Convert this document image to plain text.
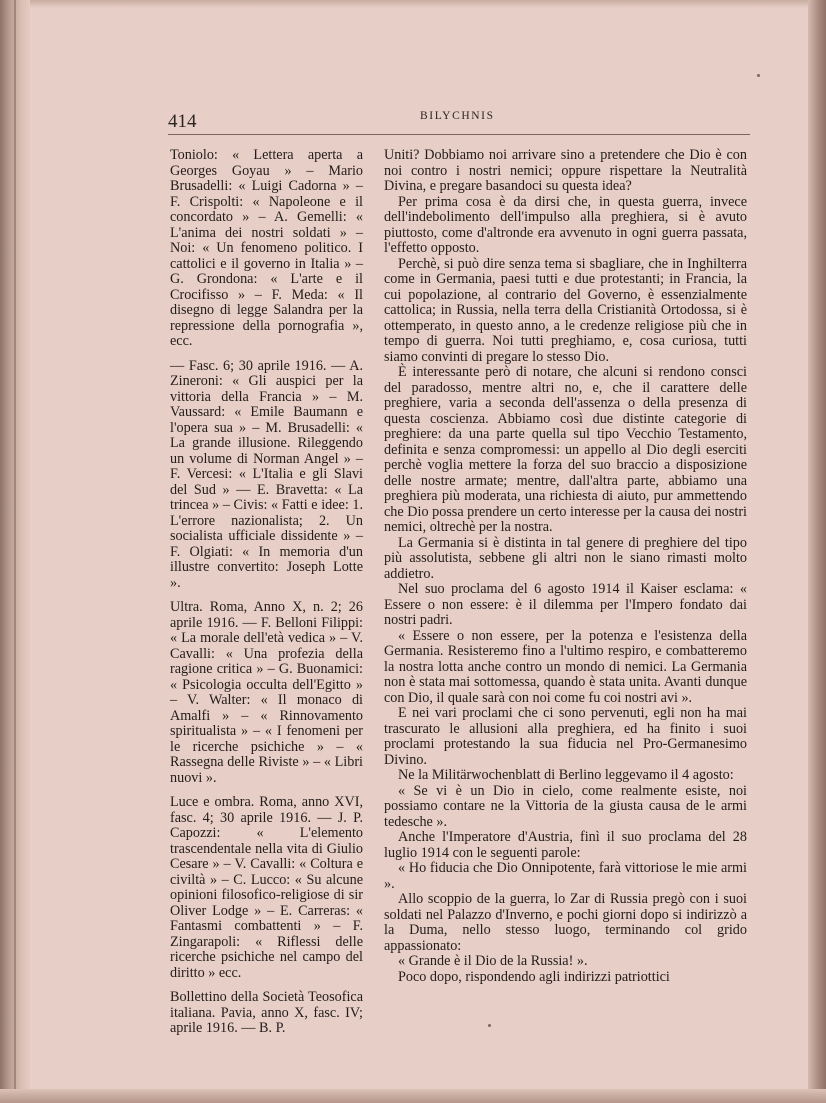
414	BILYCHNIS

Toniolo: « Lettera aperta a Georges Goyau » – Mario Brusadelli: « Luigi Cadorna » – F. Crispolti: « Napoleone e il concordato » – A. Gemelli: « L'anima dei nostri soldati » – Noi: « Un fenomeno politico. I cattolici e il governo in Italia » – G. Grondona: « L'arte e il Crocifisso » – F. Meda: « Il disegno di legge Salandra per la repressione della pornografia », ecc.

— Fasc. 6; 30 aprile 1916. — A. Zineroni: « Gli auspici per la vittoria della Francia » – M. Vaussard: « Emile Baumann e l'opera sua » – M. Brusadelli: « La grande illusione. Rileggendo un volume di Norman Angel » – F. Vercesi: « L'Italia e gli Slavi del Sud » — E. Bravetta: « La trincea » – Civis: « Fatti e idee: 1. L'errore nazionalista; 2. Un socialista ufficiale dissidente » – F. Olgiati: « In memoria d'un illustre convertito: Joseph Lotte ».

Ultra. Roma, Anno X, n. 2; 26 aprile 1916. — F. Belloni Filippi: « La morale dell'età vedica » – V. Cavalli: « Una profezia della ragione critica » – G. Buonamici: « Psicologia occulta dell'Egitto » – V. Walter: « Il monaco di Amalfi » – « Rinnovamento spiritualista » – « I fenomeni per le ricerche psichiche » – « Rassegna delle Riviste » – « Libri nuovi ».

Luce e ombra. Roma, anno XVI, fasc. 4; 30 aprile 1916. — J. P. Capozzi: « L'elemento trascendentale nella vita di Giulio Cesare » – V. Cavalli: « Coltura e civiltà » – C. Lucco: « Su alcune opinioni filosofico-religiose di sir Oliver Lodge » – E. Carreras: « Fantasmi combattenti » – F. Zingarapoli: « Riflessi delle ricerche psichiche nel campo del diritto » ecc.

Bollettino della Società Teosofica italiana. Pavia, anno X, fasc. IV; aprile 1916. — B. P.

Uniti? Dobbiamo noi arrivare sino a pretendere che Dio è con noi contro i nostri nemici; oppure rispettare la Neutralità Divina, e pregare basandoci su questa idea?

Per prima cosa è da dirsi che, in questa guerra, invece dell'indebolimento dell'impulso alla preghiera, si è avuto piuttosto, come d'altronde era avvenuto in ogni guerra passata, l'effetto opposto.

Perchè, si può dire senza tema si sbagliare, che in Inghilterra come in Germania, paesi tutti e due protestanti; in Francia, la cui popolazione, al contrario del Governo, è essenzialmente cattolica; in Russia, nella terra della Cristianità Ortodossa, si è ottemperato, in questo anno, a le credenze religiose più che in tempo di guerra. Noi tutti preghiamo, e, cosa curiosa, tutti siamo convinti di pregare lo stesso Dio.

È interessante però di notare, che alcuni si rendono consci del paradosso, mentre altri no, e, che il carattere delle preghiere, varia a seconda dell'assenza o della presenza di questa coscienza. Abbiamo così due distinte categorie di preghiere: da una parte quella sul tipo Vecchio Testamento, definita e senza compromessi: un appello al Dio degli eserciti perchè voglia mettere la forza del suo braccio a disposizione delle nostre armate; mentre, dall'altra parte, abbiamo una preghiera più moderata, una richiesta di aiuto, pur ammettendo che Dio possa prendere un certo interesse per la causa dei nostri nemici, oltrechè per la nostra.

La Germania si è distinta in tal genere di preghiere del tipo più assolutista, sebbene gli altri non le siano rimasti molto addietro.

Nel suo proclama del 6 agosto 1914 il Kaiser esclama: « Essere o non essere: è il dilemma per l'Impero fondato dai nostri padri.

« Essere o non essere, per la potenza e l'esistenza della Germania. Resisteremo fino a l'ultimo respiro, e combatteremo la nostra lotta anche contro un mondo di nemici. La Germania non è stata mai sottomessa, quando è stata unita. Avanti dunque con Dio, il quale sarà con noi come fu coi nostri avi ».

E nei vari proclami che ci sono pervenuti, egli non ha mai trascurato le allusioni alla preghiera, ed ha finito i suoi proclami protestando la sua fiducia nel Pro-Germanesimo Divino.

Ne la Militärwochenblatt di Berlino leggevamo il 4 agosto:

« Se vi è un Dio in cielo, come realmente esiste, noi possiamo contare ne la Vittoria de la giusta causa de le armi tedesche ».

Anche l'Imperatore d'Austria, finì il suo proclama del 28 luglio 1914 con le seguenti parole:

« Ho fiducia che Dio Onnipotente, farà vittoriose le mie armi ».

Allo scoppio de la guerra, lo Zar di Russia pregò con i suoi soldati nel Palazzo d'Inverno, e pochi giorni dopo si indirizzò a la Duma, nello stesso luogo, terminando col grido appassionato:

« Grande è il Dio de la Russia! ».

Poco dopo, rispondendo agli indirizzi patriottici
